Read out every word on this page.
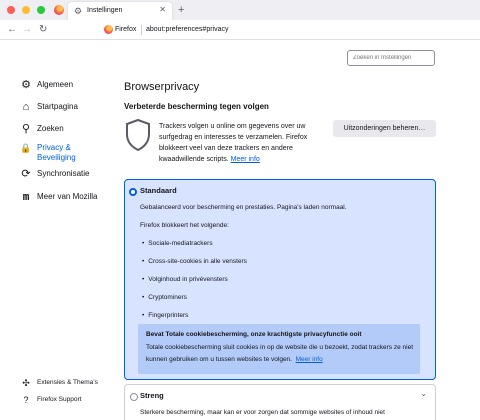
⚙ Instellingen	✕ +
← → ↻	Firefox about:preferences#privacy
Zoeken in Instellingen
⚙ Algemeen
⌂ Startpagina
⚲ Zoeken
🔒 Privacy &
Beveiliging
⟳ Synchronisatie
m Meer van Mozilla
✣	Extensies & Thema’s
?	Firefox Support
Browserprivacy
Verbeterde bescherming tegen volgen

Trackers volgen u online om gegevens over uw surfgedrag en interesses te verzamelen. Firefox blokkeert veel van deze trackers en andere kwaadwillende scripts. Meer info

Uitzonderingen beheren…
Standaard
Gebalanceerd voor bescherming en prestaties. Pagina’s laden normaal.
Firefox blokkeert het volgende:
• Sociale-mediatrackers
• Cross-site-cookies in alle vensters
• Volginhoud in privévensters
• Cryptominers
• Fingerprinters
Bevat Totale cookiebescherming, onze krachtigste privacyfunctie ooit

Totale cookiebescherming sluit cookies in op de website die u bezoekt, zodat trackers ze niet kunnen gebruiken om u tussen websites te volgen. Meer info

Streng	⌄
Sterkere bescherming, maar kan er voor zorgen dat sommige websites of inhoud niet
